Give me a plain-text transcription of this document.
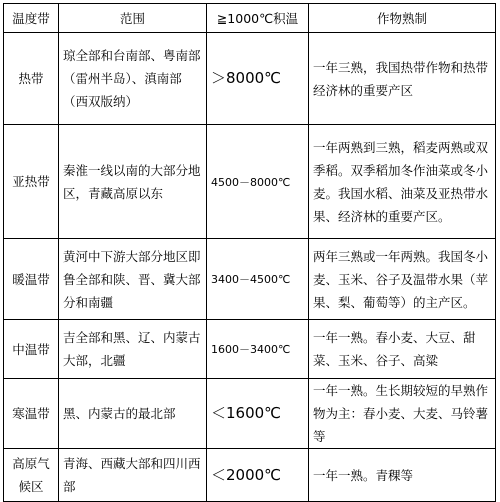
温度带	范围	≧1000℃积温	作物熟制
热带	琼全部和台南部、粤南部（雷州半岛）、滇南部（西双版纳）	＞8000℃	一年三熟，我国热带作物和热带经济林的重要产区
亚热带	秦淮一线以南的大部分地区，青藏高原以东	4500－8000℃	一年两熟到三熟，稻麦两熟或双季稻。双季稻加冬作油菜或冬小麦。我国水稻、油菜及亚热带水果、经济林的重要产区。
暖温带	黄河中下游大部分地区即鲁全部和陕、晋、冀大部分和南疆	3400－4500℃	两年三熟或一年两熟。我国冬小麦、玉米、谷子及温带水果（苹果、梨、葡萄等）的主产区。
中温带	吉全部和黑、辽、内蒙古大部，北疆	1600－3400℃	一年一熟。春小麦、大豆、甜菜、玉米、谷子、高粱
寒温带	黑、内蒙古的最北部	＜1600℃	一年一熟。生长期较短的早熟作物为主：春小麦、大麦、马铃薯等
高原气候区	青海、西藏大部和四川西部	＜2000℃	一年一熟。青稞等
